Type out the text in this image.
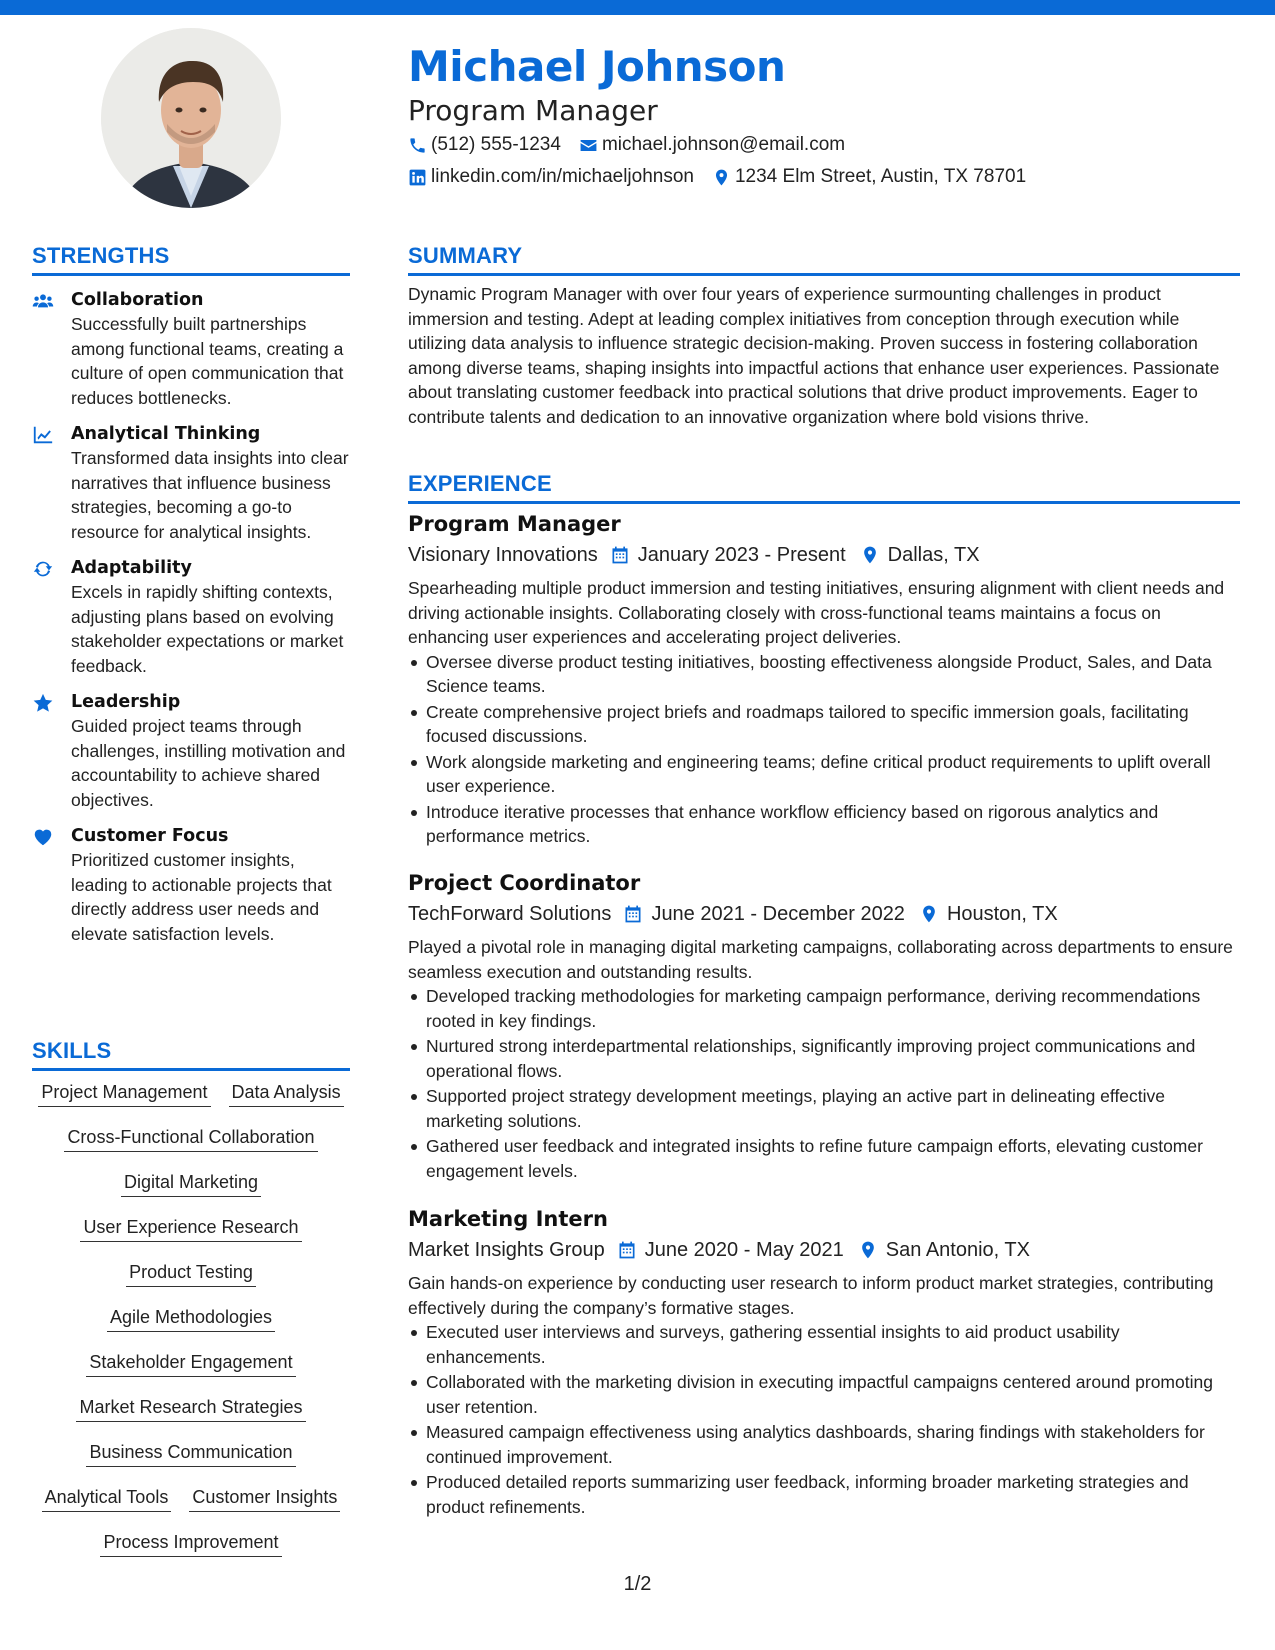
Michael Johnson
Program Manager
(512) 555-1234 michael.johnson@email.com
linkedin.com/in/michaeljohnson 1234 Elm Street, Austin, TX 78701
STRENGTHS
Collaboration

Successfully built partnerships among functional teams, creating a culture of open communication that reduces bottlenecks.

Analytical Thinking

Transformed data insights into clear narratives that influence business strategies, becoming a go-to resource for analytical insights.

Adaptability

Excels in rapidly shifting contexts, adjusting plans based on evolving stakeholder expectations or market feedback.

Leadership

Guided project teams through challenges, instilling motivation and accountability to achieve shared objectives.

Customer Focus

Prioritized customer insights, leading to actionable projects that directly address user needs and elevate satisfaction levels.

SKILLS
Project Management Data Analysis
Cross-Functional Collaboration
Digital Marketing
User Experience Research
Product Testing
Agile Methodologies
Stakeholder Engagement
Market Research Strategies
Business Communication
Analytical Tools Customer Insights
Process Improvement
SUMMARY

Dynamic Program Manager with over four years of experience surmounting challenges in product immersion and testing. Adept at leading complex initiatives from conception through execution while utilizing data analysis to influence strategic decision-making. Proven success in fostering collaboration among diverse teams, shaping insights into impactful actions that enhance user experiences. Passionate about translating customer feedback into practical solutions that drive product improvements. Eager to contribute talents and dedication to an innovative organization where bold visions thrive.

EXPERIENCE
Program Manager
Visionary Innovations January 2023 - Present Dallas, TX

Spearheading multiple product immersion and testing initiatives, ensuring alignment with client needs and driving actionable insights. Collaborating closely with cross-functional teams maintains a focus on enhancing user experiences and accelerating project deliveries.

Oversee diverse product testing initiatives, boosting effectiveness alongside Product, Sales, and Data Science teams.
Create comprehensive project briefs and roadmaps tailored to specific immersion goals, facilitating focused discussions.
Work alongside marketing and engineering teams; define critical product requirements to uplift overall user experience.
Introduce iterative processes that enhance workflow efficiency based on rigorous analytics and performance metrics.
Project Coordinator
TechForward Solutions June 2021 - December 2022 Houston, TX

Played a pivotal role in managing digital marketing campaigns, collaborating across departments to ensure seamless execution and outstanding results.

Developed tracking methodologies for marketing campaign performance, deriving recommendations rooted in key findings.
Nurtured strong interdepartmental relationships, significantly improving project communications and operational flows.
Supported project strategy development meetings, playing an active part in delineating effective marketing solutions.
Gathered user feedback and integrated insights to refine future campaign efforts, elevating customer engagement levels.
Marketing Intern
Market Insights Group June 2020 - May 2021 San Antonio, TX

Gain hands-on experience by conducting user research to inform product market strategies, contributing effectively during the company’s formative stages.

Executed user interviews and surveys, gathering essential insights to aid product usability enhancements.
Collaborated with the marketing division in executing impactful campaigns centered around promoting user retention.
Measured campaign effectiveness using analytics dashboards, sharing findings with stakeholders for continued improvement.
Produced detailed reports summarizing user feedback, informing broader marketing strategies and product refinements.
1/2
